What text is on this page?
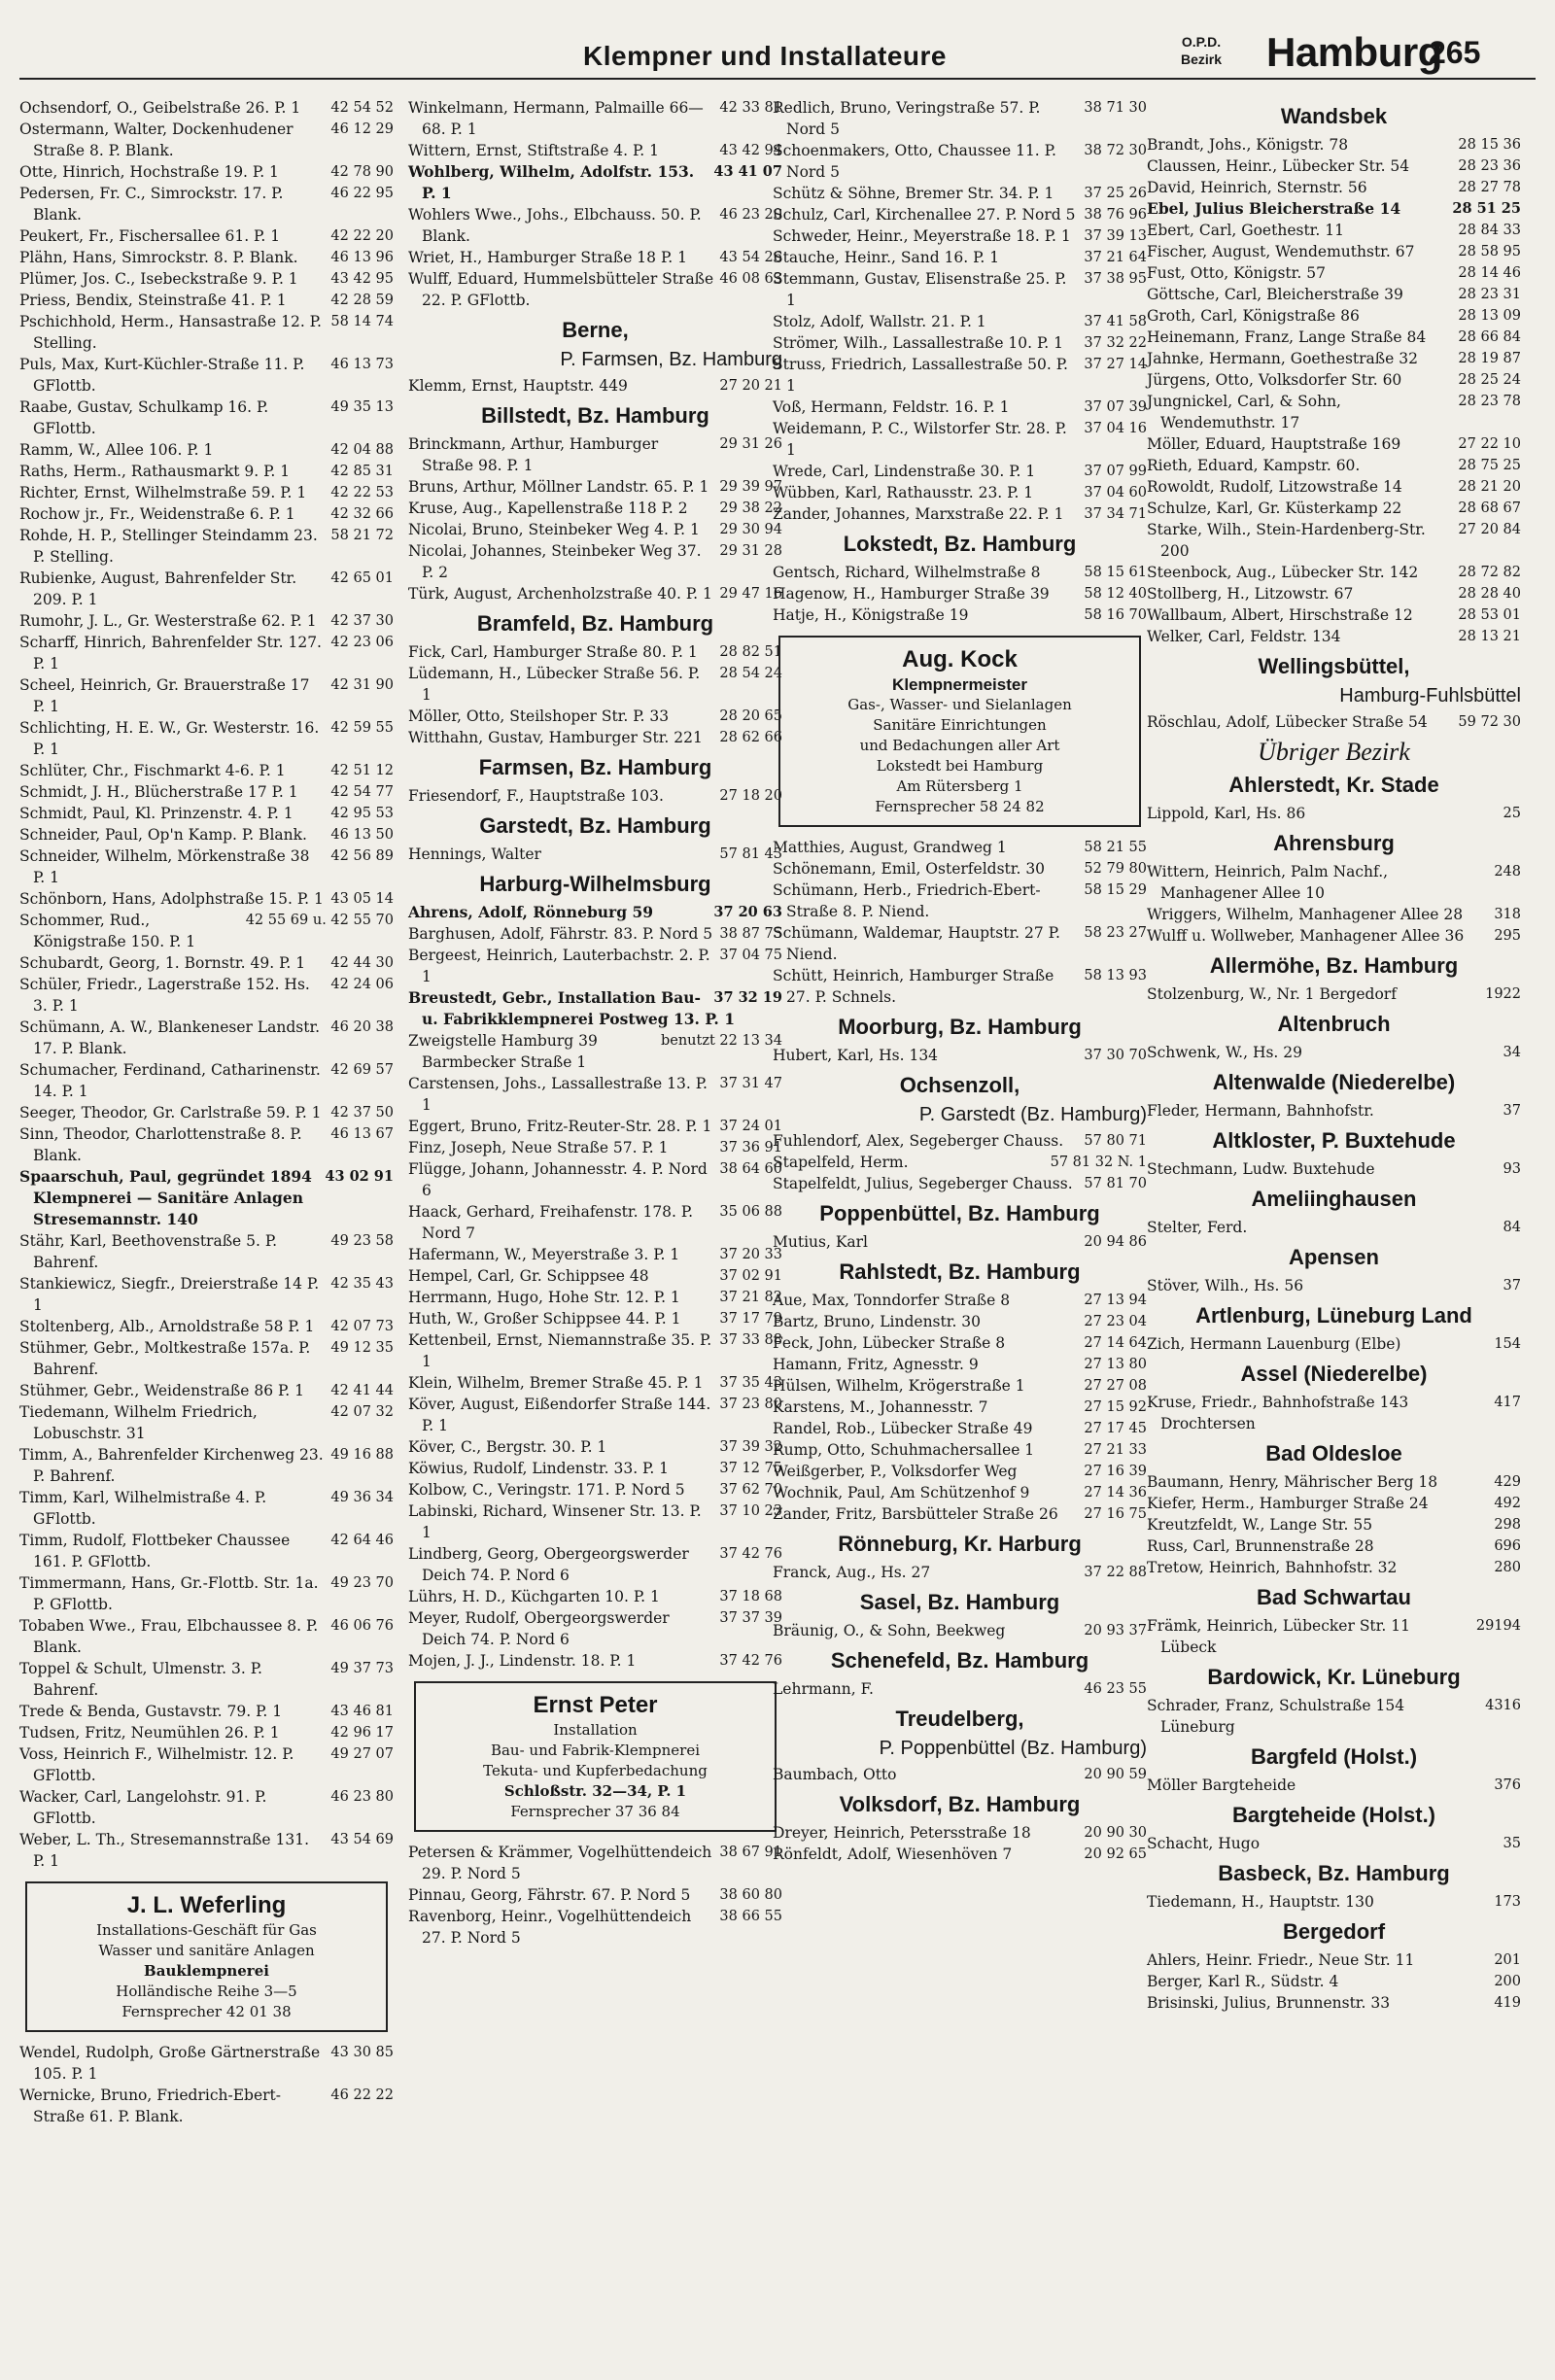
Klempner und Installateure	O.P.D.
Bezirk Hamburg
265
42 54 52
Ochsendorf, O., Geibelstraße 26. P. 1
46 12 29
Ostermann, Walter, Dockenhudener Straße 8. P. Blank.
42 78 90
Otte, Hinrich, Hochstraße 19. P. 1
46 22 95
Pedersen, Fr. C., Simrockstr. 17. P. Blank.
42 22 20
Peukert, Fr., Fischersallee 61. P. 1
46 13 96
Plähn, Hans, Simrockstr. 8. P. Blank.
43 42 95
Plümer, Jos. C., Isebeckstraße 9. P. 1
42 28 59
Priess, Bendix, Steinstraße 41. P. 1
58 14 74
Pschichhold, Herm., Hansastraße 12. P. Stelling.
46 13 73
Puls, Max, Kurt-Küchler-Straße 11. P. GFlottb.
49 35 13
Raabe, Gustav, Schulkamp 16. P. GFlottb.
42 04 88
Ramm, W., Allee 106. P. 1
42 85 31
Raths, Herm., Rathausmarkt 9. P. 1
42 22 53
Richter, Ernst, Wilhelmstraße 59. P. 1
42 32 66
Rochow jr., Fr., Weidenstraße 6. P. 1
58 21 72
Rohde, H. P., Stellinger Steindamm 23. P. Stelling.
42 65 01
Rubienke, August, Bahrenfelder Str. 209. P. 1
42 37 30
Rumohr, J. L., Gr. Westerstraße 62. P. 1
42 23 06
Scharff, Hinrich, Bahrenfelder Str. 127. P. 1
42 31 90
Scheel, Heinrich, Gr. Brauerstraße 17 P. 1
42 59 55
Schlichting, H. E. W., Gr. Westerstr. 16. P. 1
42 51 12
Schlüter, Chr., Fischmarkt 4-6. P. 1
42 54 77
Schmidt, J. H., Blücherstraße 17 P. 1
42 95 53
Schmidt, Paul, Kl. Prinzenstr. 4. P. 1
46 13 50
Schneider, Paul, Op'n Kamp. P. Blank.
42 56 89
Schneider, Wilhelm, Mörkenstraße 38 P. 1
43 05 14
Schönborn, Hans, Adolphstraße 15. P. 1
42 55 69 u. 42 55 70
Schommer, Rud., Königstraße 150. P. 1
42 44 30
Schubardt, Georg, 1. Bornstr. 49. P. 1
42 24 06
Schüler, Friedr., Lagerstraße 152. Hs. 3. P. 1
46 20 38
Schümann, A. W., Blankeneser Landstr. 17. P. Blank.
42 69 57
Schumacher, Ferdinand, Catharinenstr. 14. P. 1
42 37 50
Seeger, Theodor, Gr. Carlstraße 59. P. 1
46 13 67
Sinn, Theodor, Charlottenstraße 8. P. Blank.
43 02 91
Spaarschuh, Paul, gegründet 1894 Klempnerei — Sanitäre Anlagen Stresemannstr. 140
49 23 58
Stähr, Karl, Beethovenstraße 5. P. Bahrenf.
42 35 43
Stankiewicz, Siegfr., Dreierstraße 14 P. 1
42 07 73
Stoltenberg, Alb., Arnoldstraße 58 P. 1
49 12 35
Stühmer, Gebr., Moltkestraße 157a. P. Bahrenf.
42 41 44
Stühmer, Gebr., Weidenstraße 86 P. 1
42 07 32
Tiedemann, Wilhelm Friedrich, Lobuschstr. 31
49 16 88
Timm, A., Bahrenfelder Kirchenweg 23. P. Bahrenf.
49 36 34
Timm, Karl, Wilhelmistraße 4. P. GFlottb.
42 64 46
Timm, Rudolf, Flottbeker Chaussee 161. P. GFlottb.
49 23 70
Timmermann, Hans, Gr.-Flottb. Str. 1a. P. GFlottb.
46 06 76
Tobaben Wwe., Frau, Elbchaussee 8. P. Blank.
49 37 73
Toppel & Schult, Ulmenstr. 3. P. Bahrenf.
43 46 81
Trede & Benda, Gustavstr. 79. P. 1
42 96 17
Tudsen, Fritz, Neumühlen 26. P. 1
49 27 07
Voss, Heinrich F., Wilhelmistr. 12. P. GFlottb.
46 23 80
Wacker, Carl, Langelohstr. 91. P. GFlottb.
43 54 69
Weber, L. Th., Stresemannstraße 131. P. 1
J. L. Weferling
Installations-Geschäft für Gas
Wasser und sanitäre Anlagen
Bauklempnerei
Holländische Reihe 3—5
Fernsprecher 42 01 38
43 30 85
Wendel, Rudolph, Große Gärtnerstraße 105. P. 1
46 22 22
Wernicke, Bruno, Friedrich-Ebert-Straße 61. P. Blank.
42 33 81
Winkelmann, Hermann, Palmaille 66—68. P. 1
43 42 94
Wittern, Ernst, Stiftstraße 4. P. 1
43 41 07
Wohlberg, Wilhelm, Adolfstr. 153. P. 1
46 23 20
Wohlers Wwe., Johs., Elbchauss. 50. P. Blank.
43 54 26
Wriet, H., Hamburger Straße 18 P. 1
46 08 63
Wulff, Eduard, Hummelsbütteler Straße 22. P. GFlottb.
Berne,
P. Farmsen, Bz. Hamburg
27 20 21
Klemm, Ernst, Hauptstr. 449
Billstedt, Bz. Hamburg
29 31 26
Brinckmann, Arthur, Hamburger Straße 98. P. 1
29 39 97
Bruns, Arthur, Möllner Landstr. 65. P. 1
29 38 22
Kruse, Aug., Kapellenstraße 118 P. 2
29 30 94
Nicolai, Bruno, Steinbeker Weg 4. P. 1
29 31 28
Nicolai, Johannes, Steinbeker Weg 37. P. 2
29 47 16
Türk, August, Archenholzstraße 40. P. 1
Bramfeld, Bz. Hamburg
28 82 51
Fick, Carl, Hamburger Straße 80. P. 1
28 54 24
Lüdemann, H., Lübecker Straße 56. P. 1
28 20 65
Möller, Otto, Steilshoper Str. P. 33
28 62 66
Witthahn, Gustav, Hamburger Str. 221
Farmsen, Bz. Hamburg
27 18 20
Friesendorf, F., Hauptstraße 103.
Garstedt, Bz. Hamburg
57 81 43
Hennings, Walter
Harburg-Wilhelmsburg
37 20 63
Ahrens, Adolf, Rönneburg 59
38 87 75
Barghusen, Adolf, Fährstr. 83. P. Nord 5
37 04 75
Bergeest, Heinrich, Lauterbachstr. 2. P. 1
37 32 19
Breustedt, Gebr., Installation Bau- u. Fabrikklempnerei Postweg 13. P. 1
benutzt 22 13 34
Zweigstelle Hamburg 39 Barmbecker Straße 1
37 31 47
Carstensen, Johs., Lassallestraße 13. P. 1
37 24 01
Eggert, Bruno, Fritz-Reuter-Str. 28. P. 1
37 36 91
Finz, Joseph, Neue Straße 57. P. 1
38 64 60
Flügge, Johann, Johannesstr. 4. P. Nord 6
35 06 88
Haack, Gerhard, Freihafenstr. 178. P. Nord 7
37 20 33
Hafermann, W., Meyerstraße 3. P. 1
37 02 91
Hempel, Carl, Gr. Schippsee 48
37 21 82
Herrmann, Hugo, Hohe Str. 12. P. 1
37 17 79
Huth, W., Großer Schippsee 44. P. 1
37 33 88
Kettenbeil, Ernst, Niemannstraße 35. P. 1
37 35 43
Klein, Wilhelm, Bremer Straße 45. P. 1
37 23 80
Köver, August, Eißendorfer Straße 144. P. 1
37 39 32
Köver, C., Bergstr. 30. P. 1
37 12 75
Köwius, Rudolf, Lindenstr. 33. P. 1
37 62 70
Kolbow, C., Veringstr. 171. P. Nord 5
37 10 23
Labinski, Richard, Winsener Str. 13. P. 1
37 42 76
Lindberg, Georg, Obergeorgswerder Deich 74. P. Nord 6
37 18 68
Lührs, H. D., Küchgarten 10. P. 1
37 37 39
Meyer, Rudolf, Obergeorgswerder Deich 74. P. Nord 6
37 42 76
Mojen, J. J., Lindenstr. 18. P. 1
Ernst Peter
Installation
Bau- und Fabrik-Klempnerei
Tekuta- und Kupferbedachung
Schloßstr. 32—34, P. 1
Fernsprecher 37 36 84
38 67 91
Petersen & Krämmer, Vogelhüttendeich 29. P. Nord 5
38 60 80
Pinnau, Georg, Fährstr. 67. P. Nord 5
38 66 55
Ravenborg, Heinr., Vogelhüttendeich 27. P. Nord 5
38 71 30
Redlich, Bruno, Veringstraße 57. P. Nord 5
38 72 30
Schoenmakers, Otto, Chaussee 11. P. Nord 5
37 25 26
Schütz & Söhne, Bremer Str. 34. P. 1
38 76 96
Schulz, Carl, Kirchenallee 27. P. Nord 5
37 39 13
Schweder, Heinr., Meyerstraße 18. P. 1
37 21 64
Stauche, Heinr., Sand 16. P. 1
37 38 95
Stemmann, Gustav, Elisenstraße 25. P. 1
37 41 58
Stolz, Adolf, Wallstr. 21. P. 1
37 32 22
Strömer, Wilh., Lassallestraße 10. P. 1
37 27 14
Struss, Friedrich, Lassallestraße 50. P. 1
37 07 39
Voß, Hermann, Feldstr. 16. P. 1
37 04 16
Weidemann, P. C., Wilstorfer Str. 28. P. 1
37 07 99
Wrede, Carl, Lindenstraße 30. P. 1
37 04 60
Wübben, Karl, Rathausstr. 23. P. 1
37 34 71
Zander, Johannes, Marxstraße 22. P. 1
Lokstedt, Bz. Hamburg
58 15 61
Gentsch, Richard, Wilhelmstraße 8
58 12 40
Hagenow, H., Hamburger Straße 39
58 16 70
Hatje, H., Königstraße 19
Aug. Kock
Klempnermeister
Gas-, Wasser- und Sielanlagen
Sanitäre Einrichtungen
und Bedachungen aller Art
Lokstedt bei Hamburg
Am Rütersberg 1
Fernsprecher 58 24 82
58 21 55
Matthies, August, Grandweg 1
52 79 80
Schönemann, Emil, Osterfeldstr. 30
58 15 29
Schümann, Herb., Friedrich-Ebert-Straße 8. P. Niend.
58 23 27
Schümann, Waldemar, Hauptstr. 27 P. Niend.
58 13 93
Schütt, Heinrich, Hamburger Straße 27. P. Schnels.
Moorburg, Bz. Hamburg
37 30 70
Hubert, Karl, Hs. 134
Ochsenzoll,
P. Garstedt (Bz. Hamburg)
57 80 71
Fuhlendorf, Alex, Segeberger Chauss.
57 81 32 N. 1
Stapelfeld, Herm.
57 81 70
Stapelfeldt, Julius, Segeberger Chauss.
Poppenbüttel, Bz. Hamburg
20 94 86
Mutius, Karl
Rahlstedt, Bz. Hamburg
27 13 94
Aue, Max, Tonndorfer Straße 8
27 23 04
Bartz, Bruno, Lindenstr. 30
27 14 64
Feck, John, Lübecker Straße 8
27 13 80
Hamann, Fritz, Agnesstr. 9
27 27 08
Hülsen, Wilhelm, Krögerstraße 1
27 15 92
Karstens, M., Johannesstr. 7
27 17 45
Randel, Rob., Lübecker Straße 49
27 21 33
Rump, Otto, Schuhmachersallee 1
27 16 39
Weißgerber, P., Volksdorfer Weg
27 14 36
Wochnik, Paul, Am Schützenhof 9
27 16 75
Zander, Fritz, Barsbütteler Straße 26
Rönneburg, Kr. Harburg
37 22 88
Franck, Aug., Hs. 27
Sasel, Bz. Hamburg
20 93 37
Bräunig, O., & Sohn, Beekweg
Schenefeld, Bz. Hamburg
46 23 55
Lehrmann, F.
Treudelberg,
P. Poppenbüttel (Bz. Hamburg)
20 90 59
Baumbach, Otto
Volksdorf, Bz. Hamburg
20 90 30
Dreyer, Heinrich, Petersstraße 18
20 92 65
Rönfeldt, Adolf, Wiesenhöven 7
Wandsbek
28 15 36
Brandt, Johs., Königstr. 78
28 23 36
Claussen, Heinr., Lübecker Str. 54
28 27 78
David, Heinrich, Sternstr. 56
28 51 25
Ebel, Julius Bleicherstraße 14
28 84 33
Ebert, Carl, Goethestr. 11
28 58 95
Fischer, August, Wendemuthstr. 67
28 14 46
Fust, Otto, Königstr. 57
28 23 31
Göttsche, Carl, Bleicherstraße 39
28 13 09
Groth, Carl, Königstraße 86
28 66 84
Heinemann, Franz, Lange Straße 84
28 19 87
Jahnke, Hermann, Goethestraße 32
28 25 24
Jürgens, Otto, Volksdorfer Str. 60
28 23 78
Jungnickel, Carl, & Sohn, Wendemuthstr. 17
27 22 10
Möller, Eduard, Hauptstraße 169
28 75 25
Rieth, Eduard, Kampstr. 60.
28 21 20
Rowoldt, Rudolf, Litzowstraße 14
28 68 67
Schulze, Karl, Gr. Küsterkamp 22
27 20 84
Starke, Wilh., Stein-Hardenberg-Str. 200
28 72 82
Steenbock, Aug., Lübecker Str. 142
28 28 40
Stollberg, H., Litzowstr. 67
28 53 01
Wallbaum, Albert, Hirschstraße 12
28 13 21
Welker, Carl, Feldstr. 134
Wellingsbüttel,
Hamburg-Fuhlsbüttel
59 72 30
Röschlau, Adolf, Lübecker Straße 54
Übriger Bezirk
Ahlerstedt, Kr. Stade
25
Lippold, Karl, Hs. 86
Ahrensburg
248
Wittern, Heinrich, Palm Nachf., Manhagener Allee 10
318
Wriggers, Wilhelm, Manhagener Allee 28
295
Wulff u. Wollweber, Manhagener Allee 36
Allermöhe, Bz. Hamburg
1922
Stolzenburg, W., Nr. 1 Bergedorf
Altenbruch
34
Schwenk, W., Hs. 29
Altenwalde (Niederelbe)
37
Fleder, Hermann, Bahnhofstr.
Altkloster, P. Buxtehude
93
Stechmann, Ludw. Buxtehude
Ameliinghausen
84
Stelter, Ferd.
Apensen
37
Stöver, Wilh., Hs. 56
Artlenburg, Lüneburg Land
154
Zich, Hermann Lauenburg (Elbe)
Assel (Niederelbe)
417
Kruse, Friedr., Bahnhofstraße 143 Drochtersen
Bad Oldesloe
429
Baumann, Henry, Mährischer Berg 18
492
Kiefer, Herm., Hamburger Straße 24
298
Kreutzfeldt, W., Lange Str. 55
696
Russ, Carl, Brunnenstraße 28
280
Tretow, Heinrich, Bahnhofstr. 32
Bad Schwartau
29194
Främk, Heinrich, Lübecker Str. 11 Lübeck
Bardowick, Kr. Lüneburg
4316
Schrader, Franz, Schulstraße 154 Lüneburg
Bargfeld (Holst.)
376
Möller Bargteheide
Bargteheide (Holst.)
35
Schacht, Hugo
Basbeck, Bz. Hamburg
173
Tiedemann, H., Hauptstr. 130
Bergedorf
201
Ahlers, Heinr. Friedr., Neue Str. 11
200
Berger, Karl R., Südstr. 4
419
Brisinski, Julius, Brunnenstr. 33
